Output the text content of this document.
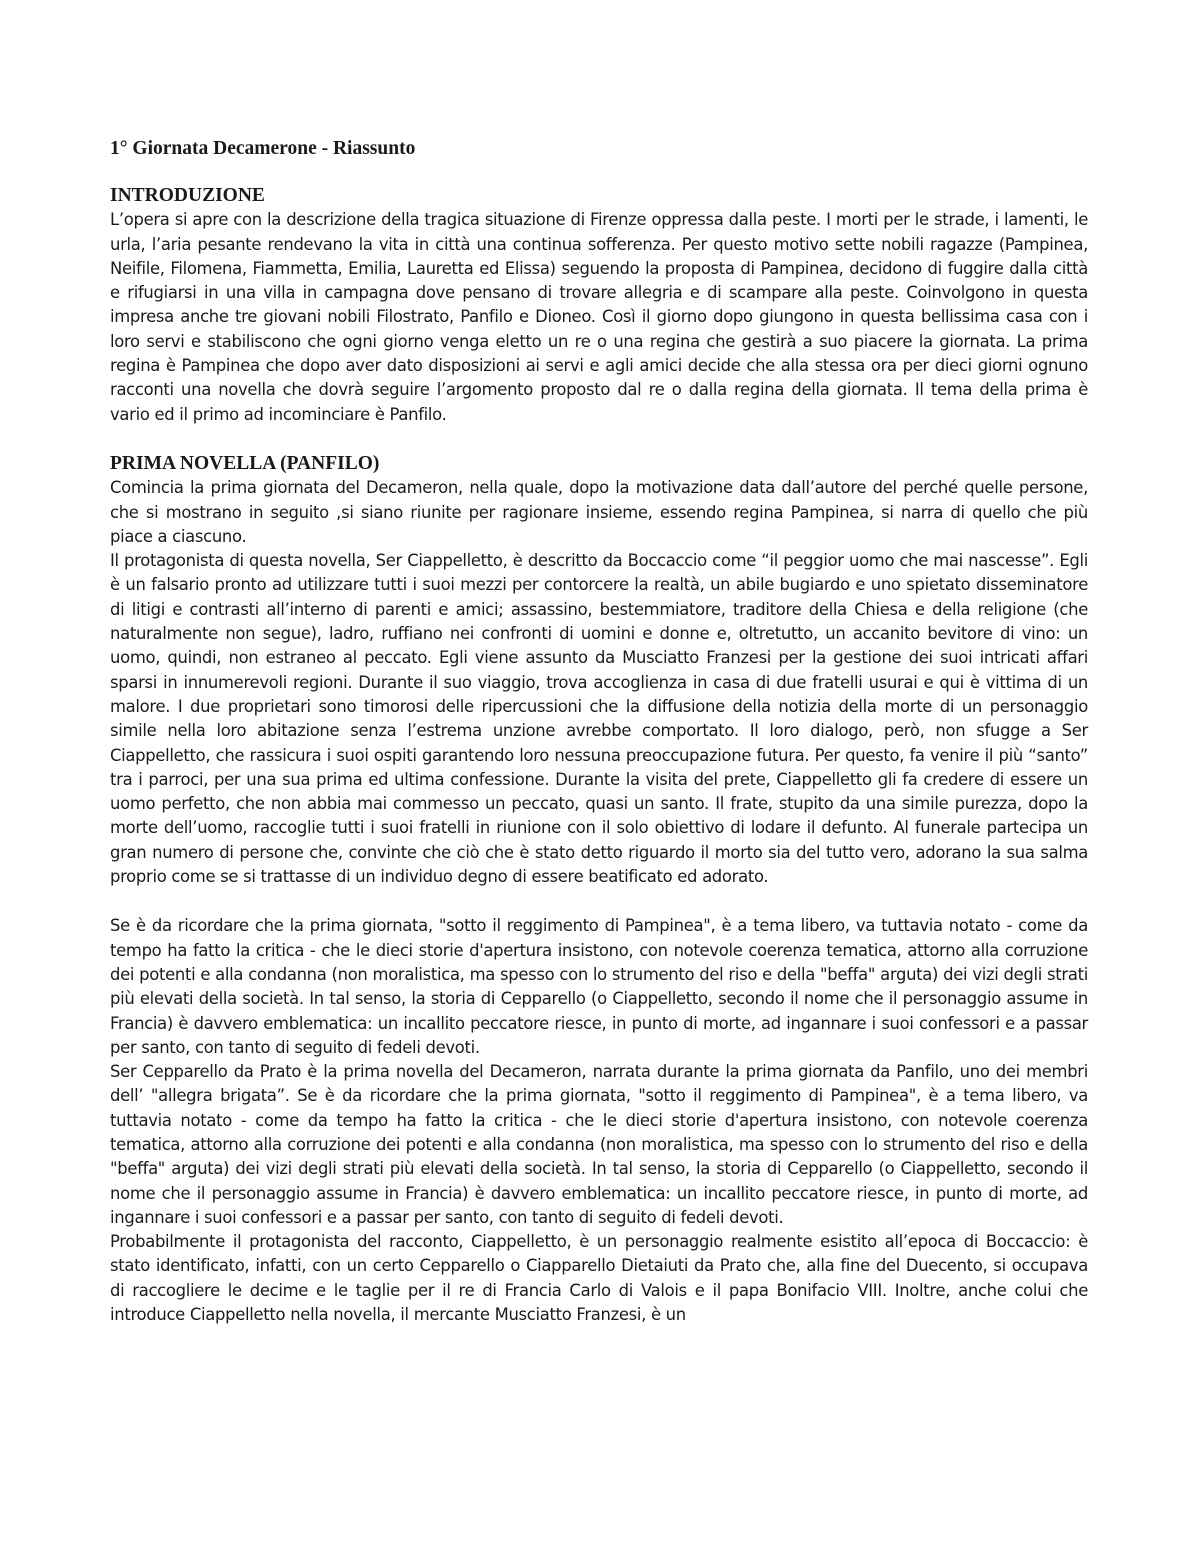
1° Giornata Decamerone - Riassunto
INTRODUZIONE

L’opera si apre con la descrizione della tragica situazione di Firenze oppressa dalla peste. I morti per le strade, i lamenti, le urla, l’aria pesante rendevano la vita in città una continua sofferenza. Per questo motivo sette nobili ragazze (Pampinea, Neifile, Filomena, Fiammetta, Emilia, Lauretta ed Elissa) seguendo la proposta di Pampinea, decidono di fuggire dalla città e rifugiarsi in una villa in campagna dove pensano di trovare allegria e di scampare alla peste. Coinvolgono in questa impresa anche tre giovani nobili Filostrato, Panfilo e Dioneo. Così il giorno dopo giungono in questa bellissima casa con i loro servi e stabiliscono che ogni giorno venga eletto un re o una regina che gestirà a suo piacere la giornata. La prima regina è Pampinea che dopo aver dato disposizioni ai servi e agli amici decide che alla stessa ora per dieci giorni ognuno racconti una novella che dovrà seguire l’argomento proposto dal re o dalla regina della giornata. Il tema della prima è vario ed il primo ad incominciare è Panfilo.

PRIMA NOVELLA (PANFILO)

Comincia la prima giornata del Decameron, nella quale, dopo la motivazione data dall’autore del perché quelle persone, che si mostrano in seguito ,si siano riunite per ragionare insieme, essendo regina Pampinea, si narra di quello che più piace a ciascuno.

Il protagonista di questa novella, Ser Ciappelletto, è descritto da Boccaccio come “il peggior uomo che mai nascesse”. Egli è un falsario pronto ad utilizzare tutti i suoi mezzi per contorcere la realtà, un abile bugiardo e uno spietato disseminatore di litigi e contrasti all’interno di parenti e amici; assassino, bestemmiatore, traditore della Chiesa e della religione (che naturalmente non segue), ladro, ruffiano nei confronti di uomini e donne e, oltretutto, un accanito bevitore di vino: un uomo, quindi, non estraneo al peccato. Egli viene assunto da Musciatto Franzesi per la gestione dei suoi intricati affari sparsi in innumerevoli regioni. Durante il suo viaggio, trova accoglienza in casa di due fratelli usurai e qui è vittima di un malore. I due proprietari sono timorosi delle ripercussioni che la diffusione della notizia della morte di un personaggio simile nella loro abitazione senza l’estrema unzione avrebbe comportato. Il loro dialogo, però, non sfugge a Ser Ciappelletto, che rassicura i suoi ospiti garantendo loro nessuna preoccupazione futura. Per questo, fa venire il più “santo” tra i parroci, per una sua prima ed ultima confessione. Durante la visita del prete, Ciappelletto gli fa credere di essere un uomo perfetto, che non abbia mai commesso un peccato, quasi un santo. Il frate, stupito da una simile purezza, dopo la morte dell’uomo, raccoglie tutti i suoi fratelli in riunione con il solo obiettivo di lodare il defunto. Al funerale partecipa un gran numero di persone che, convinte che ciò che è stato detto riguardo il morto sia del tutto vero, adorano la sua salma proprio come se si trattasse di un individuo degno di essere beatificato ed adorato.

Se è da ricordare che la prima giornata, "sotto il reggimento di Pampinea", è a tema libero, va tuttavia notato - come da tempo ha fatto la critica - che le dieci storie d'apertura insistono, con notevole coerenza tematica, attorno alla corruzione dei potenti e alla condanna (non moralistica, ma spesso con lo strumento del riso e della "beffa" arguta) dei vizi degli strati più elevati della società. In tal senso, la storia di Cepparello (o Ciappelletto, secondo il nome che il personaggio assume in Francia) è davvero emblematica: un incallito peccatore riesce, in punto di morte, ad ingannare i suoi confessori e a passar per santo, con tanto di seguito di fedeli devoti.

Ser Cepparello da Prato è la prima novella del Decameron, narrata durante la prima giornata da Panfilo, uno dei membri dell’ "allegra brigata”. Se è da ricordare che la prima giornata, "sotto il reggimento di Pampinea", è a tema libero, va tuttavia notato - come da tempo ha fatto la critica - che le dieci storie d'apertura insistono, con notevole coerenza tematica, attorno alla corruzione dei potenti e alla condanna (non moralistica, ma spesso con lo strumento del riso e della "beffa" arguta) dei vizi degli strati più elevati della società. In tal senso, la storia di Cepparello (o Ciappelletto, secondo il nome che il personaggio assume in Francia) è davvero emblematica: un incallito peccatore riesce, in punto di morte, ad ingannare i suoi confessori e a passar per santo, con tanto di seguito di fedeli devoti.

Probabilmente il protagonista del racconto, Ciappelletto, è un personaggio realmente esistito all’epoca di Boccaccio: è stato identificato, infatti, con un certo Cepparello o Ciapparello Dietaiuti da Prato che, alla fine del Duecento, si occupava di raccogliere le decime e le taglie per il re di Francia Carlo di Valois e il papa Bonifacio VIII. Inoltre, anche colui che introduce Ciappelletto nella novella, il mercante Musciatto Franzesi, è un
